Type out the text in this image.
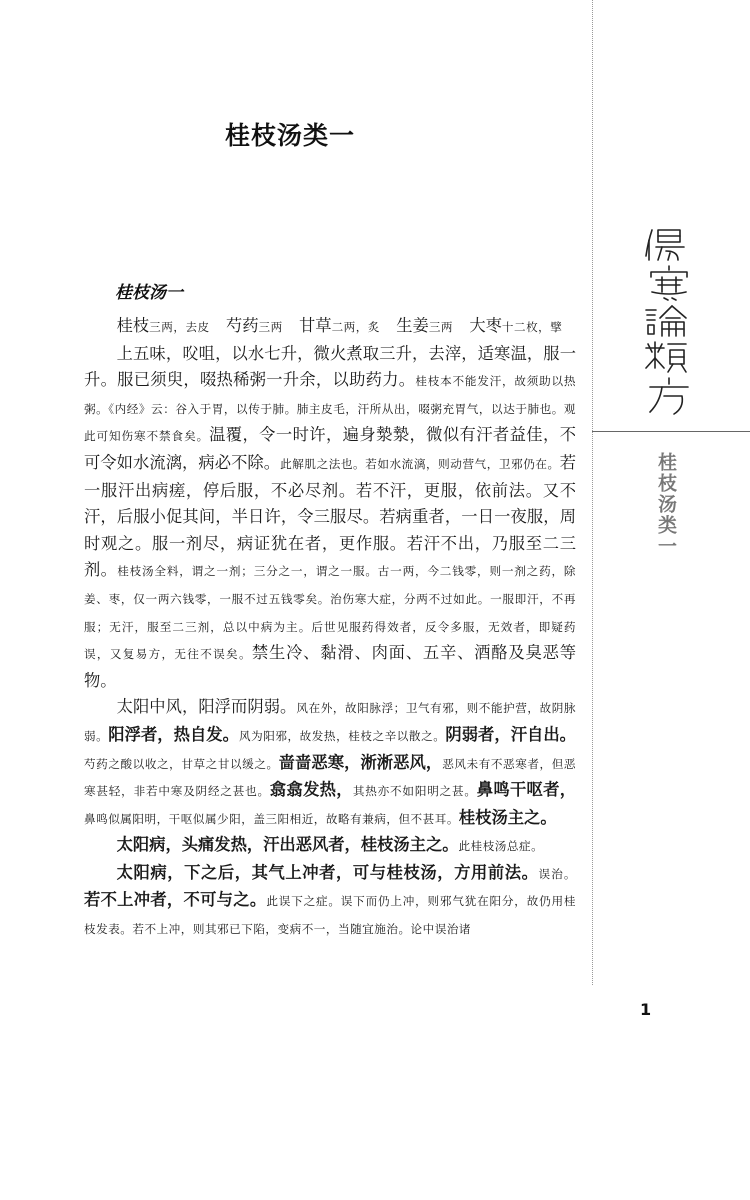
桂枝汤类一
桂枝汤一

桂枝三两，去皮　芍药三两　甘草二两，炙　生姜三两　大枣十二枚，擘

上五味，㕮咀，以水七升，微火煮取三升，去滓，适寒温，服一升。服已须臾，啜热稀粥一升余，以助药力。桂枝本不能发汗，故须助以热粥。《内经》云：谷入于胃，以传于肺。肺主皮毛，汗所从出，啜粥充胃气，以达于肺也。观此可知伤寒不禁食矣。温覆，令一时许，遍身漐漐，微似有汗者益佳，不可令如水流漓，病必不除。此解肌之法也。若如水流漓，则动营气，卫邪仍在。若一服汗出病瘥，停后服，不必尽剂。若不汗，更服，依前法。又不汗，后服小促其间，半日许，令三服尽。若病重者，一日一夜服，周时观之。服一剂尽，病证犹在者，更作服。若汗不出，乃服至二三剂。桂枝汤全料，谓之一剂；三分之一，谓之一服。古一两，今二钱零，则一剂之药，除姜、枣，仅一两六钱零，一服不过五钱零矣。治伤寒大症，分两不过如此。一服即汗，不再服；无汗，服至二三剂，总以中病为主。后世见服药得效者，反令多服，无效者，即疑药误，又复易方，无往不误矣。禁生冷、黏滑、肉面、五辛、酒酪及臭恶等物。

太阳中风，阳浮而阴弱。风在外，故阳脉浮；卫气有邪，则不能护营，故阴脉弱。阳浮者，热自发。风为阳邪，故发热，桂枝之辛以散之。阴弱者，汗自出。芍药之酸以收之，甘草之甘以缓之。啬啬恶寒，淅淅恶风，恶风未有不恶寒者，但恶寒甚轻，非若中寒及阴经之甚也。翕翕发热，其热亦不如阳明之甚。鼻鸣干呕者，鼻鸣似属阳明，干呕似属少阳，盖三阳相近，故略有兼病，但不甚耳。桂枝汤主之。

太阳病，头痛发热，汗出恶风者，桂枝汤主之。此桂枝汤总症。

太阳病，下之后，其气上冲者，可与桂枝汤，方用前法。误治。若不上冲者，不可与之。此误下之症。误下而仍上冲，则邪气犹在阳分，故仍用桂枝发表。若不上冲，则其邪已下陷，变病不一，当随宜施治。论中误治诸

桂枝汤类一
1
